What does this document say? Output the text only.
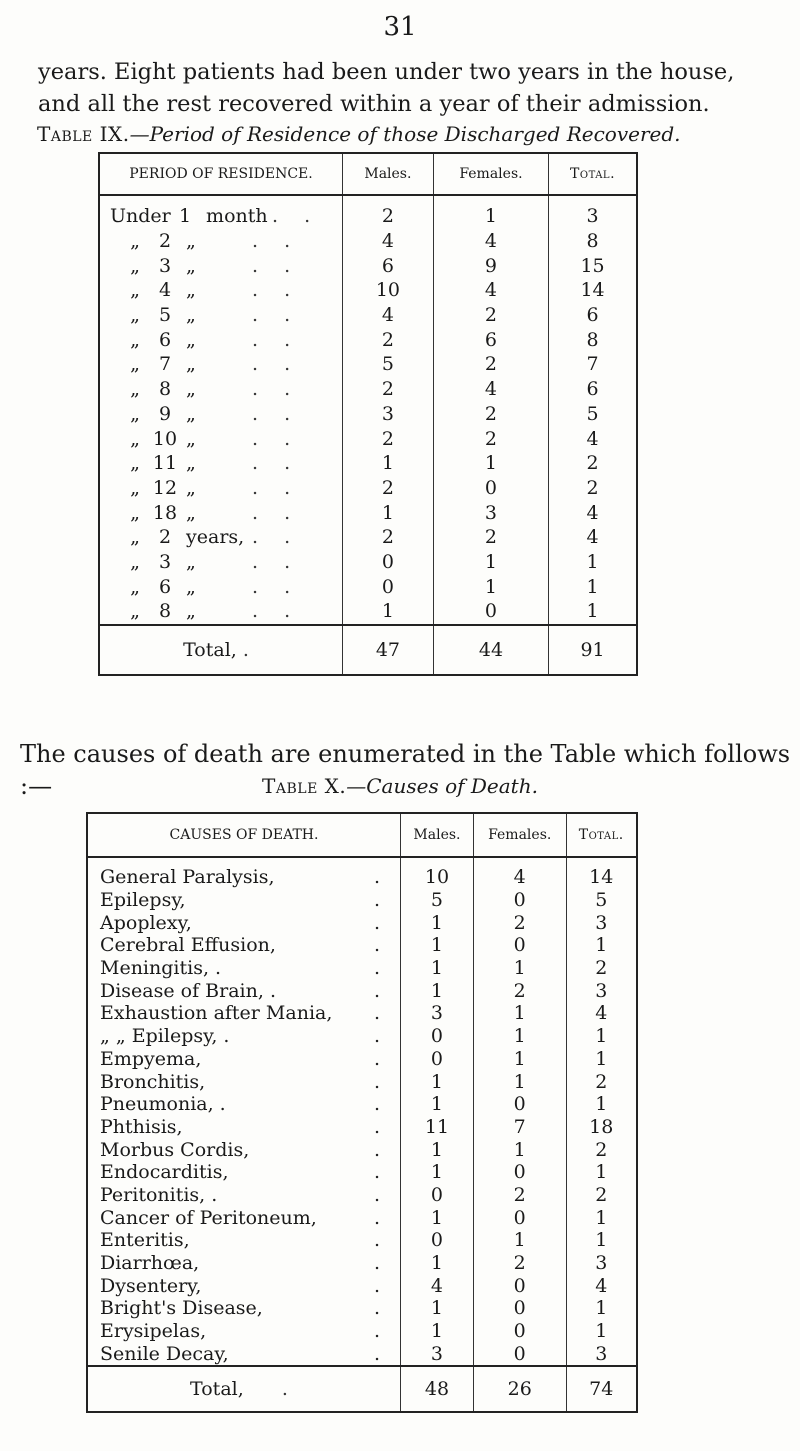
31
years. Eight patients had been under two years in the house, and all the rest recovered within a year of their admission.
Table IX.—Period of Residence of those Discharged Recovered.
PERIOD OF RESIDENCE.	Males.	Females.	Total.
Under 1 month . .	2	1	3
„ 2 „ . .	4	4	8
„ 3 „ . .	6	9	15
„ 4 „ . .	10	4	14
„ 5 „ . .	4	2	6
„ 6 „ . .	2	6	8
„ 7 „ . .	5	2	7
„ 8 „ . .	2	4	6
„ 9 „ . .	3	2	5
„ 10 „ . .	2	2	4
„ 11 „ . .	1	1	2
„ 12 „ . .	2	0	2
„ 18 „ . .	1	3	4
„ 2 years, . .	2	2	4
„ 3 „ . .	0	1	1
„ 6 „ . .	0	1	1
„ 8 „ . .	1	0	1
Total, .	47	44	91
The causes of death are enumerated in the Table which follows :—	Table X.—Causes of Death.
CAUSES OF DEATH.	Males.	Females.	Total.

General Paralysis, .	10	4	14

Epilepsy, .	5	0	5

Apoplexy, .	1	2	3

Cerebral Effusion, .	1	0	1

Meningitis, . .	1	1	2

Disease of Brain, . .	1	2	3

Exhaustion after Mania, .	3	1	4

„ „ Epilepsy, . .	0	1	1

Empyema, .	0	1	1

Bronchitis, .	1	1	2

Pneumonia, . .	1	0	1

Phthisis, .	11	7	18

Morbus Cordis, .	1	1	2

Endocarditis, .	1	0	1

Peritonitis, . .	0	2	2

Cancer of Peritoneum, .	1	0	1

Enteritis, .	0	1	1

Diarrhœa, .	1	2	3

Dysentery, .	4	0	4

Bright's Disease, .	1	0	1

Erysipelas, .	1	0	1

Senile Decay, .	3	0	3
Total,   .	48	26	74
